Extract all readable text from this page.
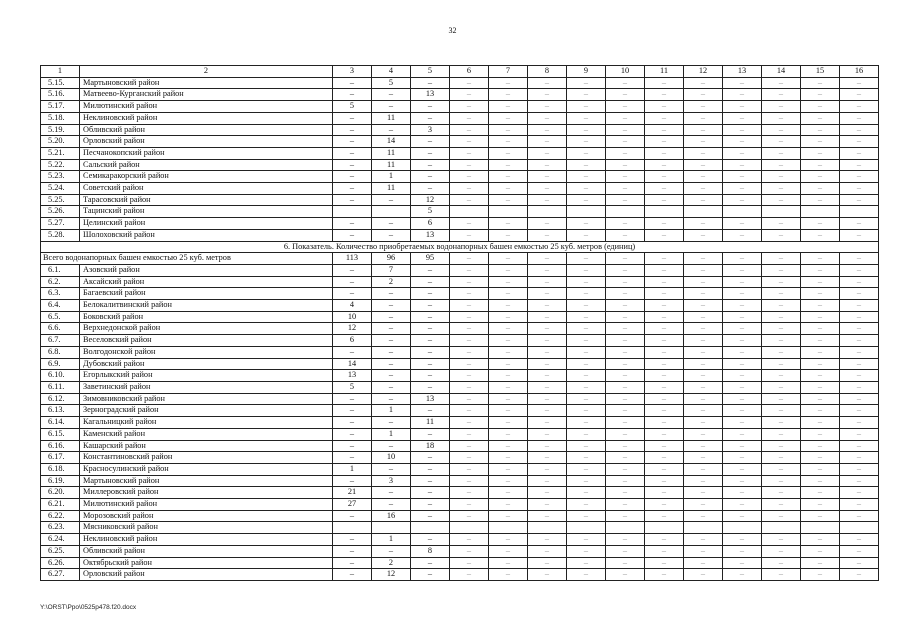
32
1	2	3	4	5	6	7	8	9	10	11	12	13	14	15	16
5.15.	Мартыновский район	–	5	–	–	–	–	–	–	–	–	–	–	–	–
5.16.	Матвеево-Курганский район	–	–	13	–	–	–	–	–	–	–	–	–	–	–
5.17.	Милютинский район	5	–	–	–	–	–	–	–	–	–	–	–	–	–
5.18.	Неклиновский район	–	11	–	–	–	–	–	–	–	–	–	–	–	–
5.19.	Обливский район	–	–	3	–	–	–	–	–	–	–	–	–	–	–
5.20.	Орловский район	–	14	–	–	–	–	–	–	–	–	–	–	–	–
5.21.	Песчанокопский район	–	11	–	–	–	–	–	–	–	–	–	–	–	–
5.22.	Сальский район	–	11	–	–	–	–	–	–	–	–	–	–	–	–
5.23.	Семикаракорский район	–	1	–	–	–	–	–	–	–	–	–	–	–	–
5.24.	Советский район	–	11	–	–	–	–	–	–	–	–	–	–	–	–
5.25.	Тарасовский район	–	–	12	–	–	–	–	–	–	–	–	–	–	–
5.26.	Тацинский район			5											
5.27.	Целинский район	–	–	6	–	–	–	–	–	–	–	–	–	–	–
5.28.	Шолоховский район	–	–	13	–	–	–	–	–	–	–	–	–	–	–
6. Показатель. Количество приобретаемых водонапорных башен емкостью 25 куб. метров (единиц)															
Всего водонапорных башен емкостью 25 куб. метров		113	96	95	–	–	–	–	–	–	–	–	–	–	–
6.1.	Азовский район	–	7	–	–	–	–	–	–	–	–	–	–	–	–
6.2.	Аксайский район	–	2	–	–	–	–	–	–	–	–	–	–	–	–
6.3.	Багаевский район	–	–	–	–	–	–	–	–	–	–	–	–	–	–
6.4.	Белокалитвинский район	4	–	–	–	–	–	–	–	–	–	–	–	–	–
6.5.	Боковский район	10	–	–	–	–	–	–	–	–	–	–	–	–	–
6.6.	Верхнедонской район	12	–	–	–	–	–	–	–	–	–	–	–	–	–
6.7.	Веселовский район	6	–	–	–	–	–	–	–	–	–	–	–	–	–
6.8.	Волгодонской район	–	–	–	–	–	–	–	–	–	–	–	–	–	–
6.9.	Дубовский район	14	–	–	–	–	–	–	–	–	–	–	–	–	–
6.10.	Егорлыкский район	13	–	–	–	–	–	–	–	–	–	–	–	–	–
6.11.	Заветинский район	5	–	–	–	–	–	–	–	–	–	–	–	–	–
6.12.	Зимовниковский район	–	–	13	–	–	–	–	–	–	–	–	–	–	–
6.13.	Зерноградский район	–	1	–	–	–	–	–	–	–	–	–	–	–	–
6.14.	Кагальницкий район	–	–	11	–	–	–	–	–	–	–	–	–	–	–
6.15.	Каменский район	–	1	–	–	–	–	–	–	–	–	–	–	–	–
6.16.	Кашарский район	–	–	18	–	–	–	–	–	–	–	–	–	–	–
6.17.	Константиновский район	–	10	–	–	–	–	–	–	–	–	–	–	–	–
6.18.	Красносулинский район	1	–	–	–	–	–	–	–	–	–	–	–	–	–
6.19.	Мартыновский район	–	3	–	–	–	–	–	–	–	–	–	–	–	–
6.20.	Миллеровский район	21	–	–	–	–	–	–	–	–	–	–	–	–	–
6.21.	Милютинский район	27	–	–	–	–	–	–	–	–	–	–	–	–	–
6.22.	Морозовский район	–	16	–	–	–	–	–	–	–	–	–	–	–	–
6.23.	Мясниковский район														
6.24.	Неклиновский район	–	1	–	–	–	–	–	–	–	–	–	–	–	–
6.25.	Обливский район	–	–	8	–	–	–	–	–	–	–	–	–	–	–
6.26.	Октябрьский район	–	2	–	–	–	–	–	–	–	–	–	–	–	–
6.27.	Орловский район	–	12	–	–	–	–	–	–	–	–	–	–	–	–
Y:\ORST\Ppo\0525p478.f20.docx
